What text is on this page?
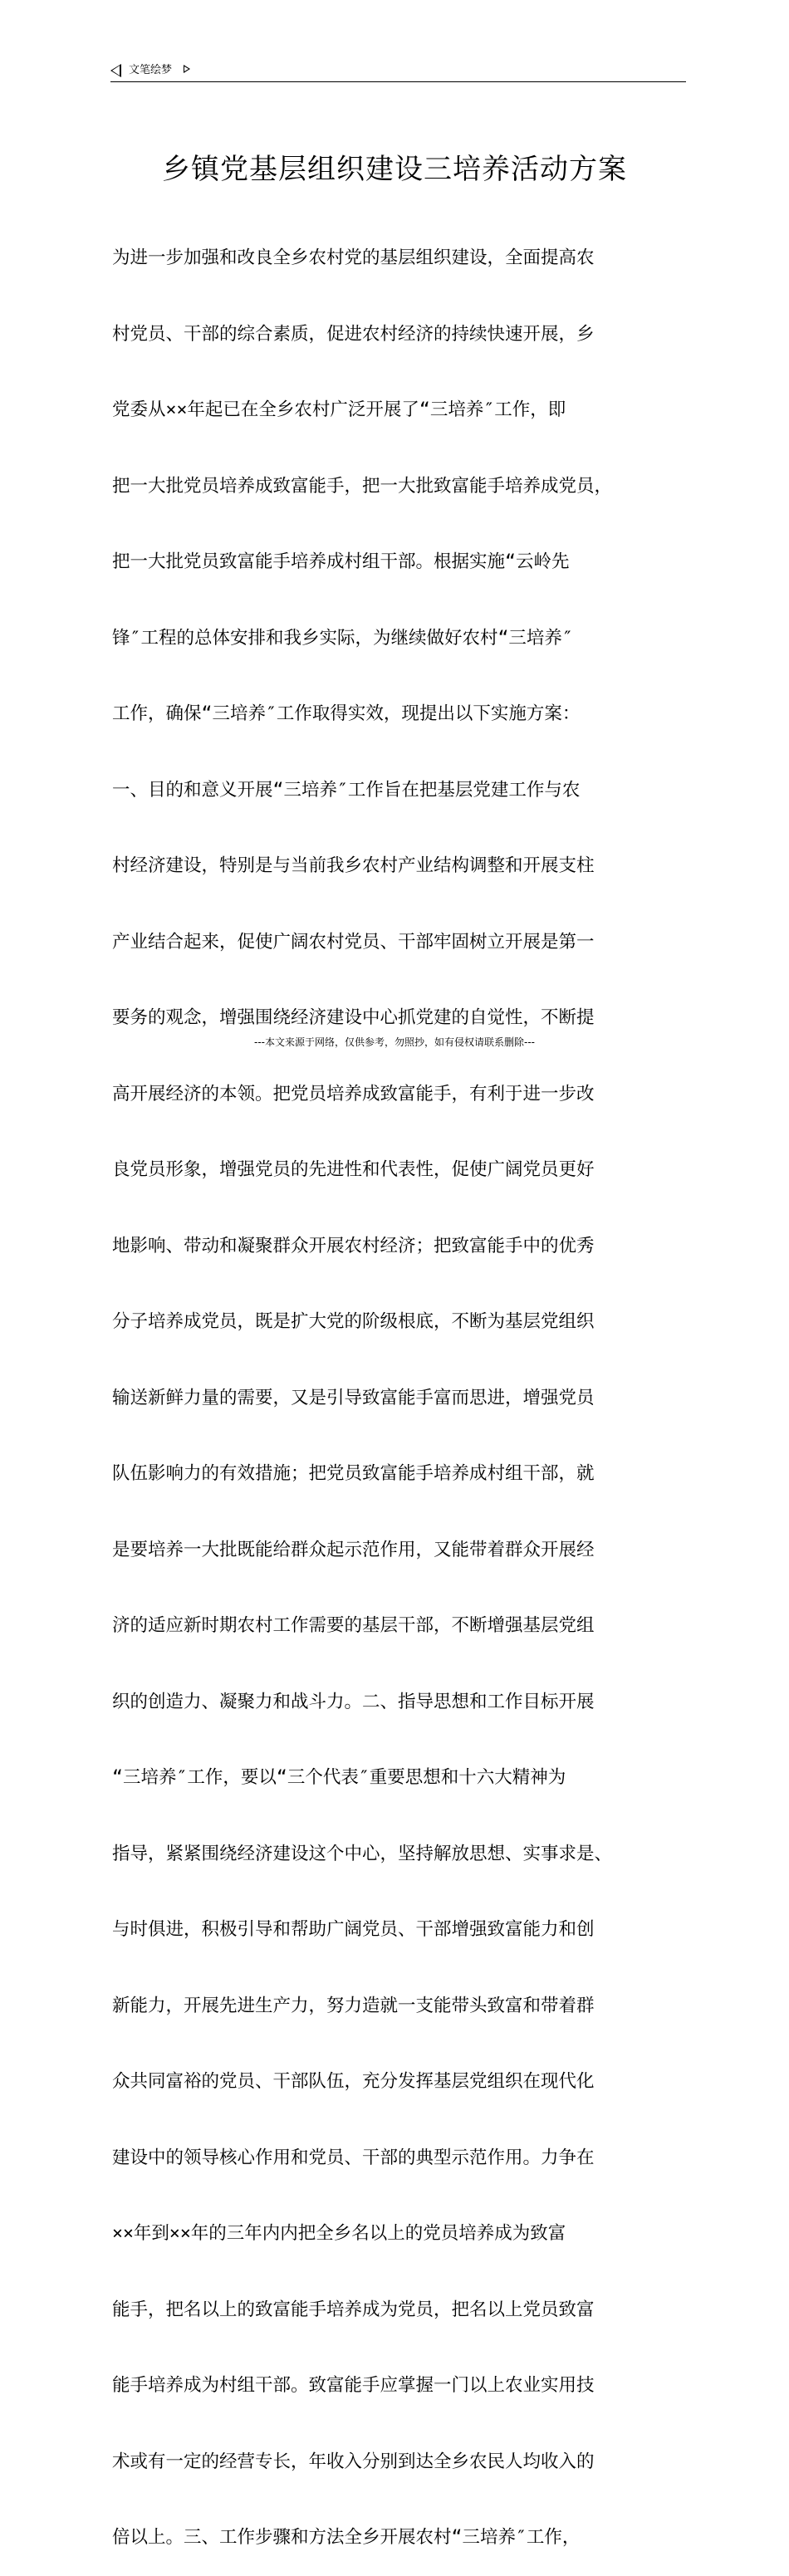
文笔绘梦
乡镇党基层组织建设三培养活动方案

为进一步加强和改良全乡农村党的基层组织建设，全面提高农

村党员、干部的综合素质，促进农村经济的持续快速开展，乡

党委从××年起已在全乡农村广泛开展了“三培养″工作，即

把一大批党员培养成致富能手，把一大批致富能手培养成党员，

把一大批党员致富能手培养成村组干部。根据实施“云岭先

锋″工程的总体安排和我乡实际，为继续做好农村“三培养″

工作，确保“三培养″工作取得实效，现提出以下实施方案：

一、目的和意义开展“三培养″工作旨在把基层党建工作与农

村经济建设，特别是与当前我乡农村产业结构调整和开展支柱

产业结合起来，促使广阔农村党员、干部牢固树立开展是第一

要务的观念，增强围绕经济建设中心抓党建的自觉性，不断提

高开展经济的本领。把党员培养成致富能手，有利于进一步改

良党员形象，增强党员的先进性和代表性，促使广阔党员更好

地影响、带动和凝聚群众开展农村经济；把致富能手中的优秀

分子培养成党员，既是扩大党的阶级根底，不断为基层党组织

输送新鲜力量的需要，又是引导致富能手富而思进，增强党员

队伍影响力的有效措施；把党员致富能手培养成村组干部，就

是要培养一大批既能给群众起示范作用，又能带着群众开展经

济的适应新时期农村工作需要的基层干部，不断增强基层党组

织的创造力、凝聚力和战斗力。二、指导思想和工作目标开展

“三培养″工作，要以“三个代表″重要思想和十六大精神为

指导，紧紧围绕经济建设这个中心，坚持解放思想、实事求是、

与时俱进，积极引导和帮助广阔党员、干部增强致富能力和创

新能力，开展先进生产力，努力造就一支能带头致富和带着群

众共同富裕的党员、干部队伍，充分发挥基层党组织在现代化

建设中的领导核心作用和党员、干部的典型示范作用。力争在

××年到××年的三年内内把全乡名以上的党员培养成为致富

能手，把名以上的致富能手培养成为党员，把名以上党员致富

能手培养成为村组干部。致富能手应掌握一门以上农业实用技

术或有一定的经营专长，年收入分别到达全乡农民人均收入的

倍以上。三、工作步骤和方法全乡开展农村“三培养″工作，

---本文来源于网络，仅供参考，勿照抄，如有侵权请联系删除---
